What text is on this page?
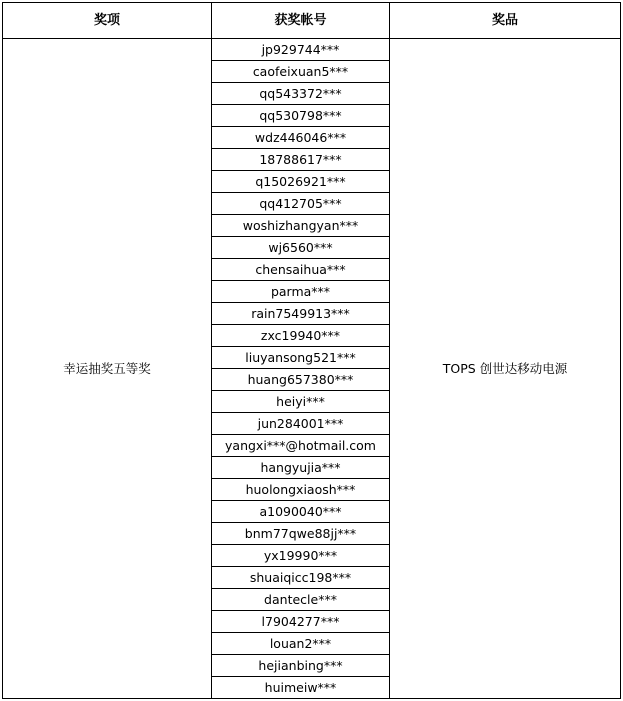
奖项	获奖帐号	奖品
幸运抽奖五等奖	jp929744***	TOPS 创世达移动电源
	caofeixuan5***	
	qq543372***	
	qq530798***	
	wdz446046***	
	18788617***	
	q15026921***	
	qq412705***	
	woshizhangyan***	
	wj6560***	
	chensaihua***	
	parma***	
	rain7549913***	
	zxc19940***	
	liuyansong521***	
	huang657380***	
	heiyi***	
	jun284001***	
	yangxi***@hotmail.com	
	hangyujia***	
	huolongxiaosh***	
	a1090040***	
	bnm77qwe88jj***	
	yx19990***	
	shuaiqicc198***	
	dantecle***	
	l7904277***	
	louan2***	
	hejianbing***	
	huimeiw***	
